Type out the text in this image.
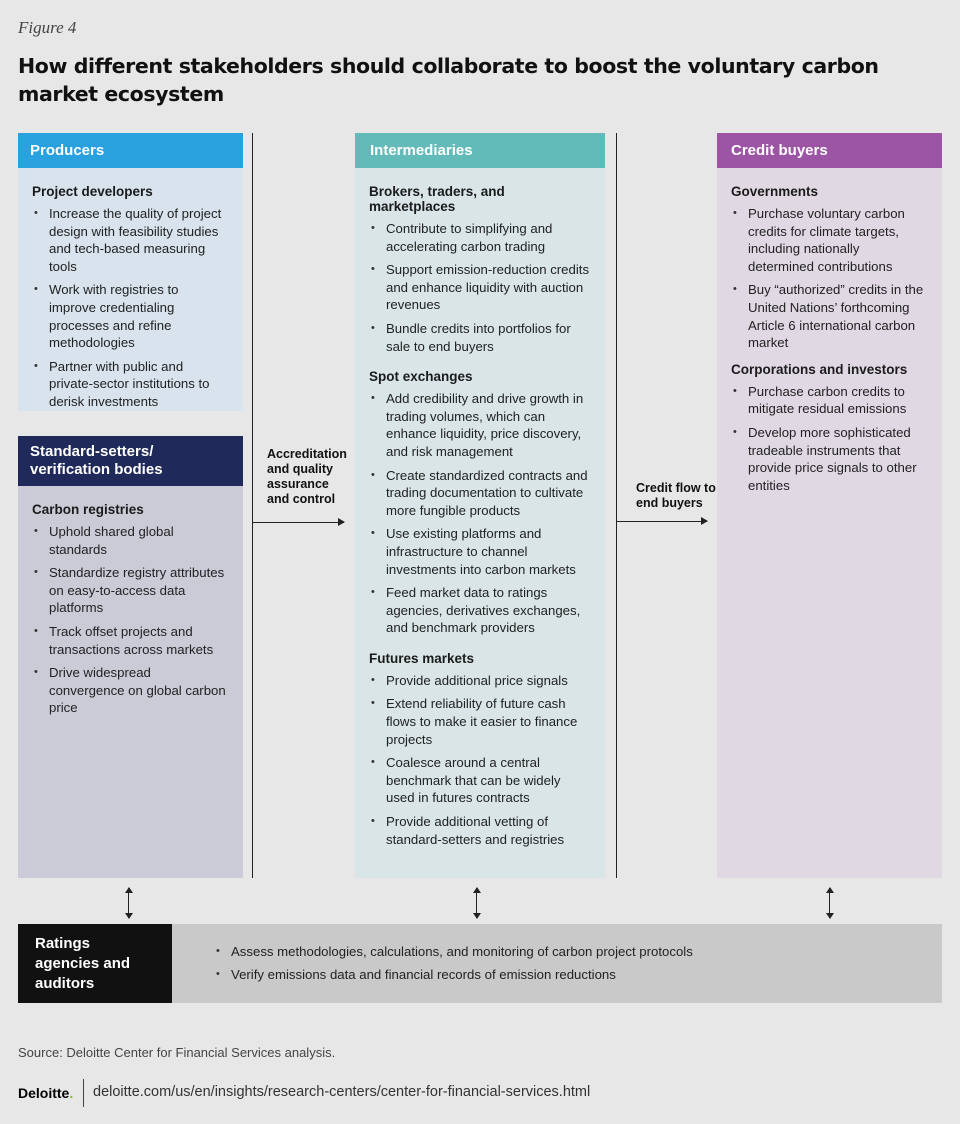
Figure 4
How different stakeholders should collaborate to boost the voluntary carbon market ecosystem
Producers
Project developers
• Increase the quality of project design with feasibility studies and tech-based measuring tools
• Work with registries to improve credentialing processes and refine methodologies
• Partner with public and private-sector institutions to derisk investments
Standard-setters/ verification bodies
Carbon registries
• Uphold shared global standards
• Standardize registry attributes on easy-to-access data platforms
• Track offset projects and transactions across markets
• Drive widespread convergence on global carbon price
Accreditation and quality assurance and control
Intermediaries
Brokers, traders, and marketplaces
• Contribute to simplifying and accelerating carbon trading
• Support emission-reduction credits and enhance liquidity with auction revenues
• Bundle credits into portfolios for sale to end buyers
Spot exchanges
• Add credibility and drive growth in trading volumes, which can enhance liquidity, price discovery, and risk management
• Create standardized contracts and trading documentation to cultivate more fungible products
• Use existing platforms and infrastructure to channel investments into carbon markets
• Feed market data to ratings agencies, derivatives exchanges, and benchmark providers
Futures markets
• Provide additional price signals
• Extend reliability of future cash flows to make it easier to finance projects
• Coalesce around a central benchmark that can be widely used in futures contracts
• Provide additional vetting of standard-setters and registries
Credit flow to end buyers
Credit buyers
Governments
• Purchase voluntary carbon credits for climate targets, including nationally determined contributions
• Buy “authorized” credits in the United Nations’ forthcoming Article 6 international carbon market
Corporations and investors
• Purchase carbon credits to mitigate residual emissions
• Develop more sophisticated tradeable instruments that provide price signals to other entities
Ratings agencies and auditors
• Assess methodologies, calculations, and monitoring of carbon project protocols
• Verify emissions data and financial records of emission reductions
Source: Deloitte Center for Financial Services analysis.
Deloitte. deloitte.com/us/en/insights/research-centers/center-for-financial-services.html
